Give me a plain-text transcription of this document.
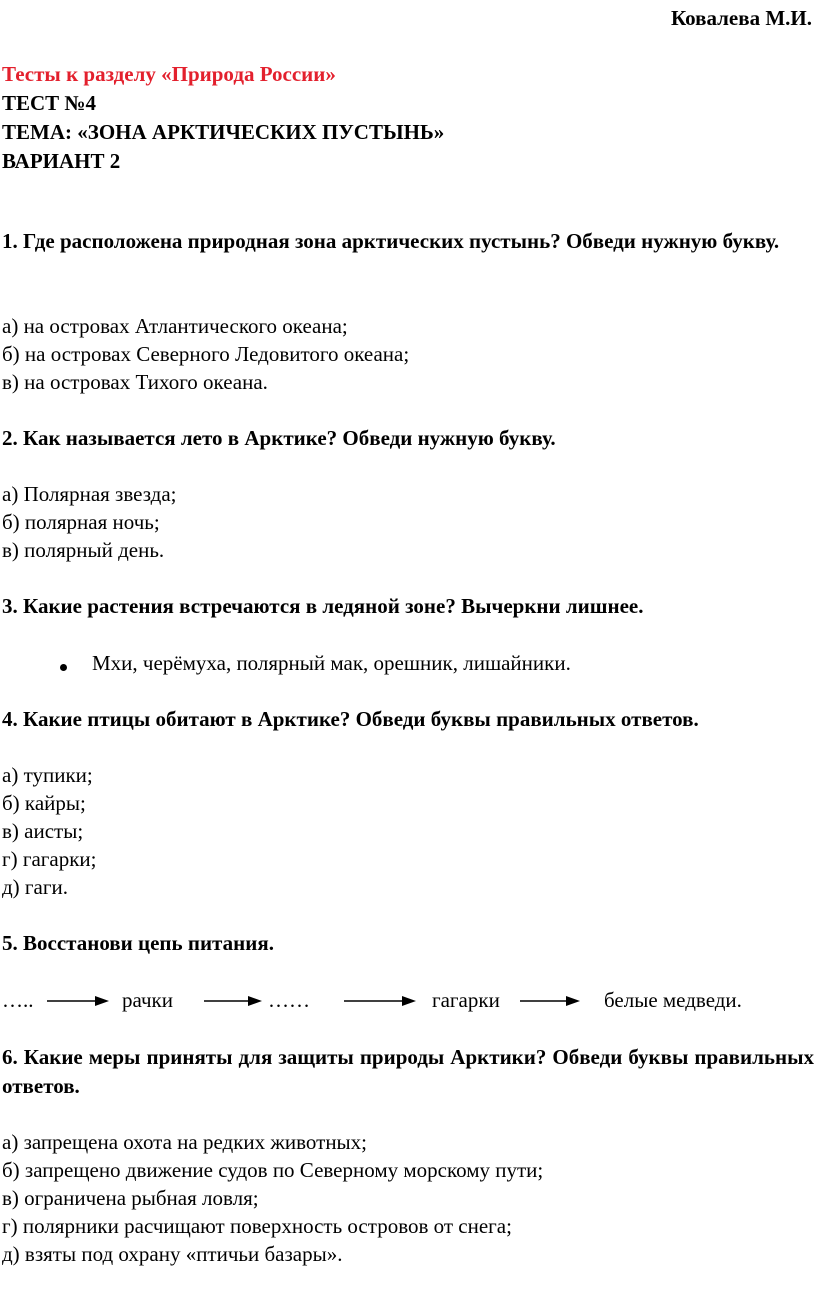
Ковалева М.И.

Тесты к разделу «Природа России»

ТЕСТ №4

ТЕМА: «ЗОНА АРКТИЧЕСКИХ ПУСТЫНЬ»

ВАРИАНТ 2

1. Где расположена природная зона арктических пустынь? Обведи нужную букву.

а) на островах Атлантического океана;

б) на островах Северного Ледовитого океана;

в) на островах Тихого океана.

2. Как называется лето в Арктике? Обведи нужную букву.

а) Полярная звезда;

б) полярная ночь;

в) полярный день.

3. Какие растения встречаются в ледяной зоне? Вычеркни лишнее.

Мхи, черёмуха, полярный мак, орешник, лишайники.

4. Какие птицы обитают в Арктике? Обведи буквы правильных ответов.

а) тупики;

б) кайры;

в) аисты;

г) гагарки;

д) гаги.

5. Восстанови цепь питания.

…..	рачки	……	гагарки	белые медведи.

6. Какие меры приняты для защиты природы Арктики? Обведи буквы правильных ответов.

а) запрещена охота на редких животных;

б) запрещено движение судов по Северному морскому пути;

в) ограничена рыбная ловля;

г) полярники расчищают поверхность островов от снега;

д) взяты под охрану «птичьи базары».
